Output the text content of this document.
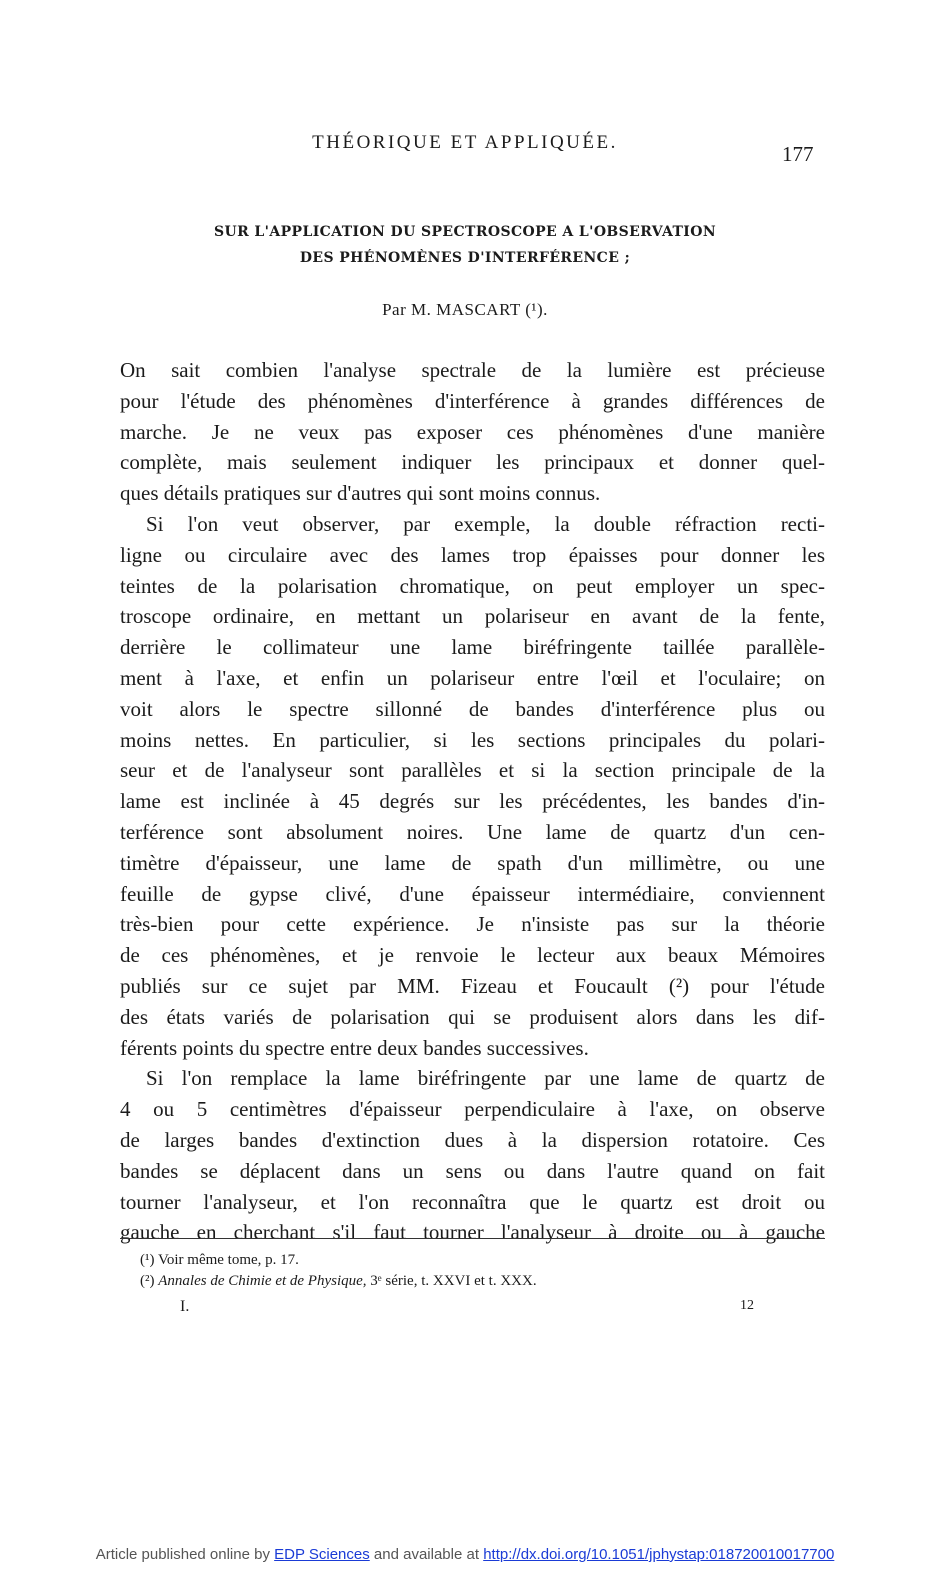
THÉORIQUE ET APPLIQUÉE.	177
SUR L'APPLICATION DU SPECTROSCOPE A L'OBSERVATION
DES PHÉNOMÈNES D'INTERFÉRENCE ;
Par M. MASCART (¹).
On sait combien l'analyse spectrale de la lumière est précieuse
pour l'étude des phénomènes d'interférence à grandes différences de
marche. Je ne veux pas exposer ces phénomènes d'une manière
complète, mais seulement indiquer les principaux et donner quel-
ques détails pratiques sur d'autres qui sont moins connus.
Si l'on veut observer, par exemple, la double réfraction recti-
ligne ou circulaire avec des lames trop épaisses pour donner les
teintes de la polarisation chromatique, on peut employer un spec-
troscope ordinaire, en mettant un polariseur en avant de la fente,
derrière le collimateur une lame biréfringente taillée parallèle-
ment à l'axe, et enfin un polariseur entre l'œil et l'oculaire; on
voit alors le spectre sillonné de bandes d'interférence plus ou
moins nettes. En particulier, si les sections principales du polari-
seur et de l'analyseur sont parallèles et si la section principale de la
lame est inclinée à 45 degrés sur les précédentes, les bandes d'in-
terférence sont absolument noires. Une lame de quartz d'un cen-
timètre d'épaisseur, une lame de spath d'un millimètre, ou une
feuille de gypse clivé, d'une épaisseur intermédiaire, conviennent
très-bien pour cette expérience. Je n'insiste pas sur la théorie
de ces phénomènes, et je renvoie le lecteur aux beaux Mémoires
publiés sur ce sujet par MM. Fizeau et Foucault (²) pour l'étude
des états variés de polarisation qui se produisent alors dans les dif-
férents points du spectre entre deux bandes successives.
Si l'on remplace la lame biréfringente par une lame de quartz de
4 ou 5 centimètres d'épaisseur perpendiculaire à l'axe, on observe
de larges bandes d'extinction dues à la dispersion rotatoire. Ces
bandes se déplacent dans un sens ou dans l'autre quand on fait
tourner l'analyseur, et l'on reconnaîtra que le quartz est droit ou
gauche en cherchant s'il faut tourner l'analyseur à droite ou à gauche
(¹) Voir même tome, p. 17.
(²) Annales de Chimie et de Physique, 3ᵉ série, t. XXVI et t. XXX.
I.	12
Article published online by EDP Sciences and available at http://dx.doi.org/10.1051/jphystap:018720010017700
